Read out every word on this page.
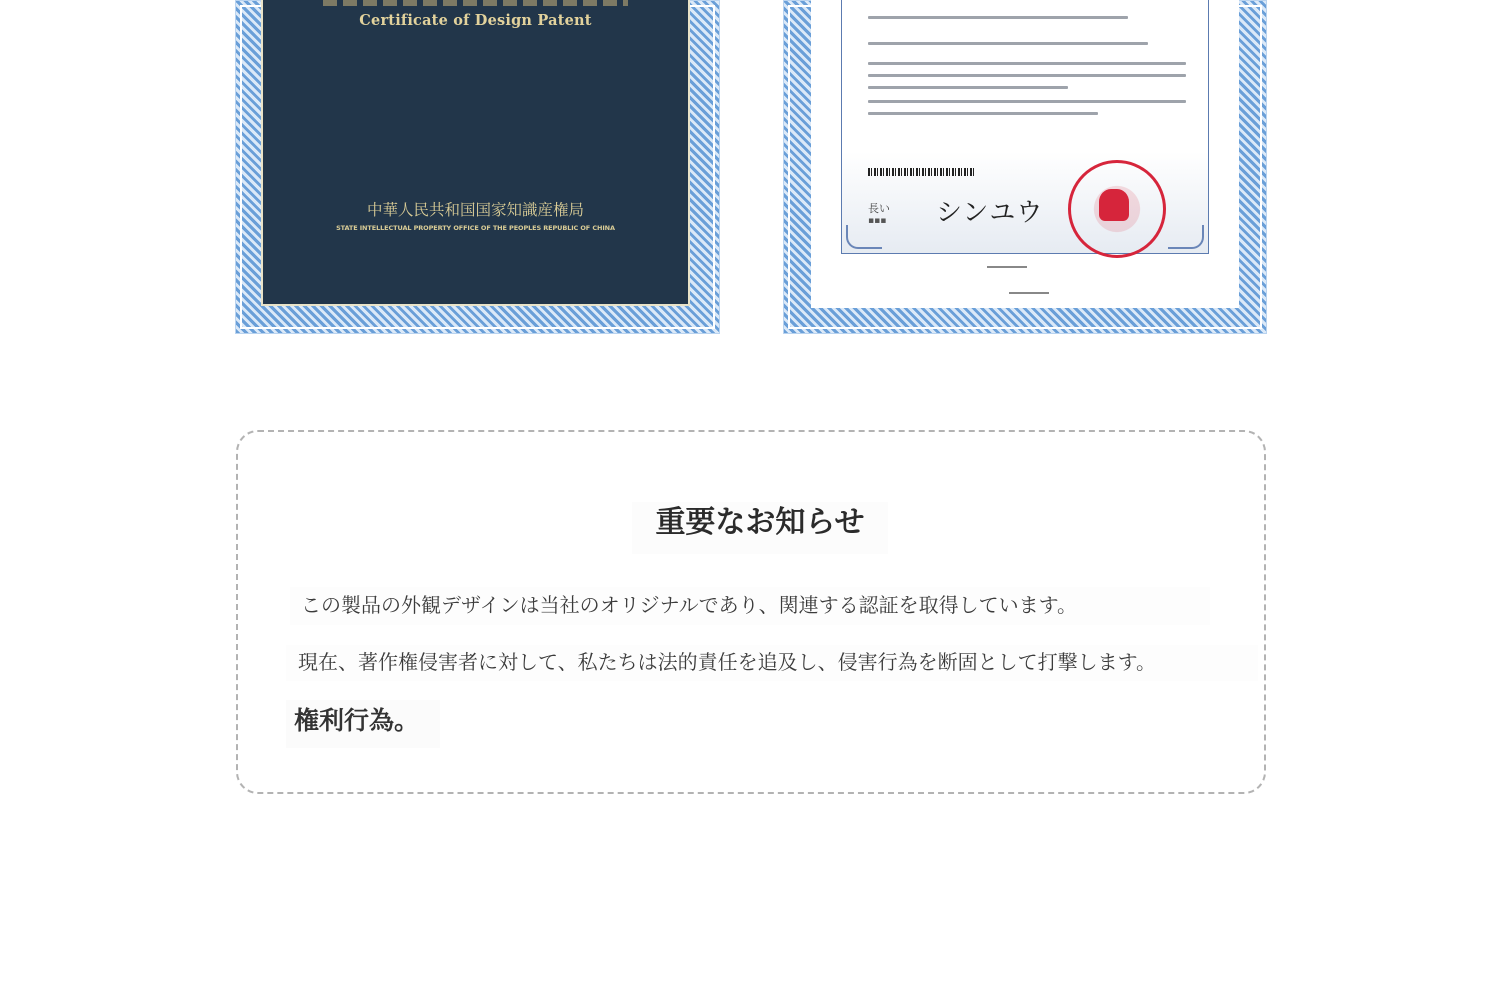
Certificate of Design Patent
中華人民共和国国家知識産権局
STATE INTELLECTUAL PROPERTY OFFICE OF THE PEOPLES REPUBLIC OF CHINA
長い
▪▪▪ シンユウ
重要なお知らせ
この製品の外観デザインは当社のオリジナルであり、関連する認証を取得しています。
現在、著作権侵害者に対して、私たちは法的責任を追及し、侵害行為を断固として打撃します。
権利行為。
